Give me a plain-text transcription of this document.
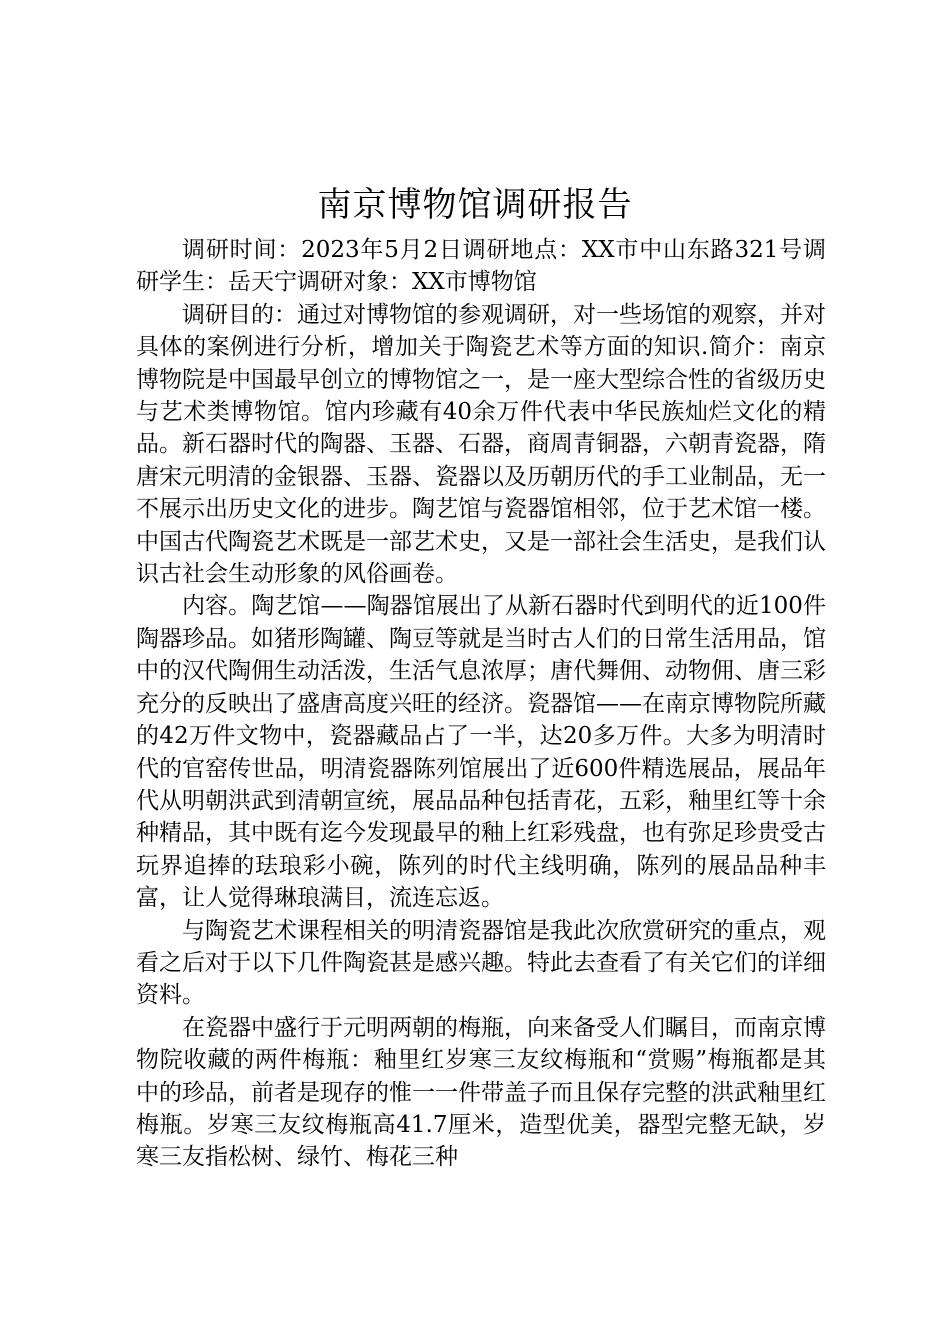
南京博物馆调研报告

调研时间：2023年5月2日调研地点：XX市中山东路321号调研学生：岳天宁调研对象：XX市博物馆

调研目的：通过对博物馆的参观调研，对一些场馆的观察，并对具体的案例进行分析，增加关于陶瓷艺术等方面的知识.简介：南京博物院是中国最早创立的博物馆之一，是一座大型综合性的省级历史与艺术类博物馆。馆内珍藏有40余万件代表中华民族灿烂文化的精品。新石器时代的陶器、玉器、石器，商周青铜器，六朝青瓷器，隋唐宋元明清的金银器、玉器、瓷器以及历朝历代的手工业制品，无一不展示出历史文化的进步。陶艺馆与瓷器馆相邻，位于艺术馆一楼。中国古代陶瓷艺术既是一部艺术史，又是一部社会生活史，是我们认识古社会生动形象的风俗画卷。

内容。陶艺馆——陶器馆展出了从新石器时代到明代的近100件陶器珍品。如猪形陶罐、陶豆等就是当时古人们的日常生活用品，馆中的汉代陶佣生动活泼，生活气息浓厚；唐代舞佣、动物佣、唐三彩充分的反映出了盛唐高度兴旺的经济。瓷器馆——在南京博物院所藏的42万件文物中，瓷器藏品占了一半，达20多万件。大多为明清时代的官窑传世品，明清瓷器陈列馆展出了近600件精选展品，展品年代从明朝洪武到清朝宣统，展品品种包括青花，五彩，釉里红等十余种精品，其中既有迄今发现最早的釉上红彩残盘，也有弥足珍贵受古玩界追捧的珐琅彩小碗，陈列的时代主线明确，陈列的展品品种丰富，让人觉得琳琅满目，流连忘返。

与陶瓷艺术课程相关的明清瓷器馆是我此次欣赏研究的重点，观看之后对于以下几件陶瓷甚是感兴趣。特此去查看了有关它们的详细资料。

在瓷器中盛行于元明两朝的梅瓶，向来备受人们瞩目，而南京博物院收藏的两件梅瓶：釉里红岁寒三友纹梅瓶和“赏赐”梅瓶都是其中的珍品，前者是现存的惟一一件带盖子而且保存完整的洪武釉里红梅瓶。岁寒三友纹梅瓶高41.7厘米，造型优美，器型完整无缺，岁寒三友指松树、绿竹、梅花三种
